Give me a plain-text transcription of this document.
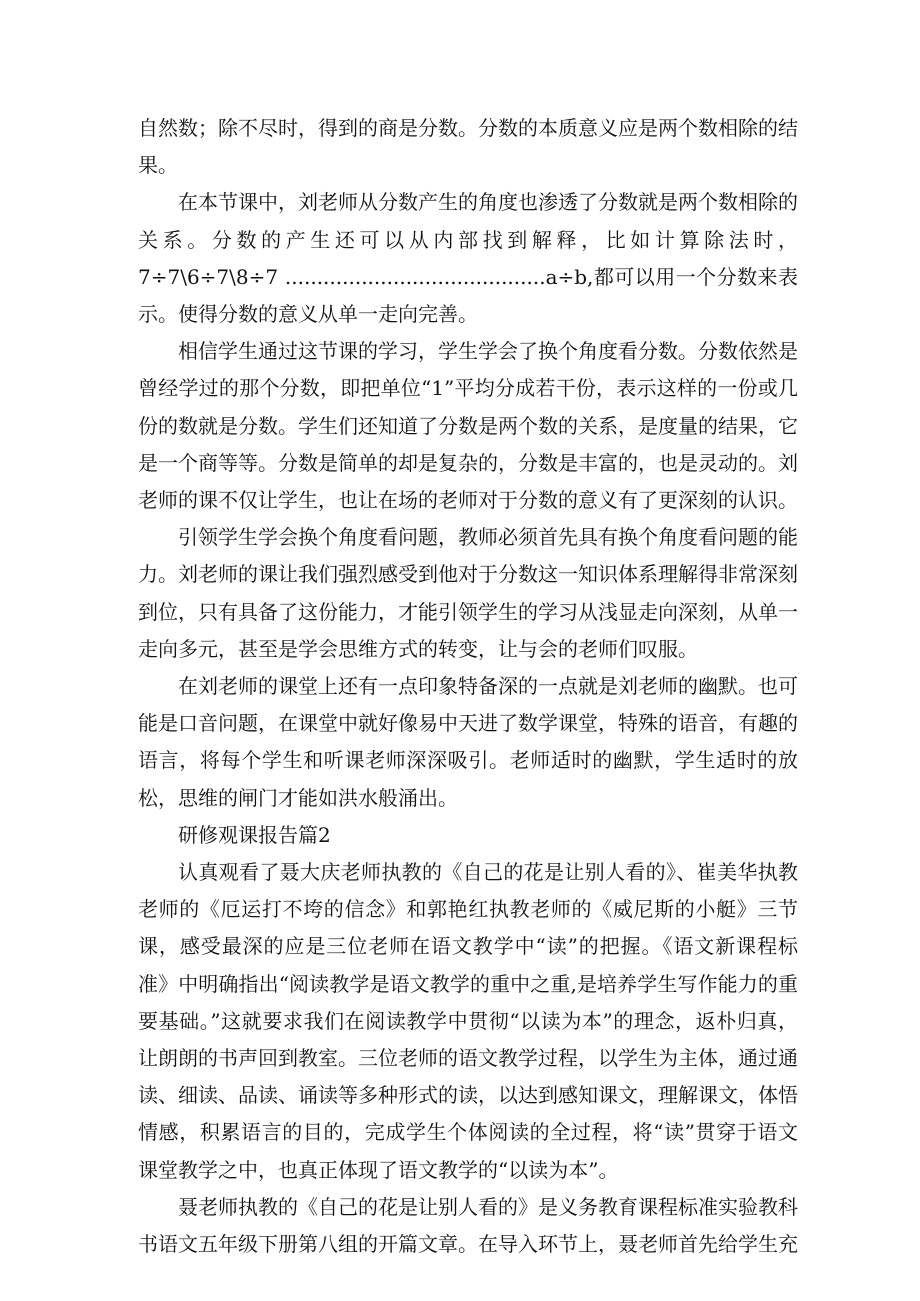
自然数；除不尽时，得到的商是分数。分数的本质意义应是两个数相除的结果。

在本节课中，刘老师从分数产生的角度也渗透了分数就是两个数相除的关系。分数的产生还可以从内部找到解释，比如计算除法时，7÷7\6÷7\8÷7 .........................................a÷b,都可以用一个分数来表示。使得分数的意义从单一走向完善。

相信学生通过这节课的学习，学生学会了换个角度看分数。分数依然是曾经学过的那个分数，即把单位“1”平均分成若干份，表示这样的一份或几份的数就是分数。学生们还知道了分数是两个数的关系，是度量的结果，它是一个商等等。分数是简单的却是复杂的，分数是丰富的，也是灵动的。刘老师的课不仅让学生，也让在场的老师对于分数的意义有了更深刻的认识。

引领学生学会换个角度看问题，教师必须首先具有换个角度看问题的能力。刘老师的课让我们强烈感受到他对于分数这一知识体系理解得非常深刻到位，只有具备了这份能力，才能引领学生的学习从浅显走向深刻，从单一走向多元，甚至是学会思维方式的转变，让与会的老师们叹服。

在刘老师的课堂上还有一点印象特备深的一点就是刘老师的幽默。也可能是口音问题，在课堂中就好像易中天进了数学课堂，特殊的语音，有趣的语言，将每个学生和听课老师深深吸引。老师适时的幽默，学生适时的放松，思维的闸门才能如洪水般涌出。

研修观课报告篇2

认真观看了聂大庆老师执教的《自己的花是让别人看的》、崔美华执教老师的《厄运打不垮的信念》和郭艳红执教老师的《威尼斯的小艇》三节课，感受最深的应是三位老师在语文教学中“读”的把握。《语文新课程标准》中明确指出“阅读教学是语文教学的重中之重,是培养学生写作能力的重要基础。”这就要求我们在阅读教学中贯彻“以读为本”的理念，返朴归真，让朗朗的书声回到教室。三位老师的语文教学过程，以学生为主体，通过通读、细读、品读、诵读等多种形式的读，以达到感知课文，理解课文，体悟情感，积累语言的目的，完成学生个体阅读的全过程，将“读”贯穿于语文课堂教学之中，也真正体现了语文教学的“以读为本”。

聂老师执教的《自己的花是让别人看的》是义务教育课程标准实验教科书语文五年级下册第八组的开篇文章。在导入环节上，聂老师首先给学生充
